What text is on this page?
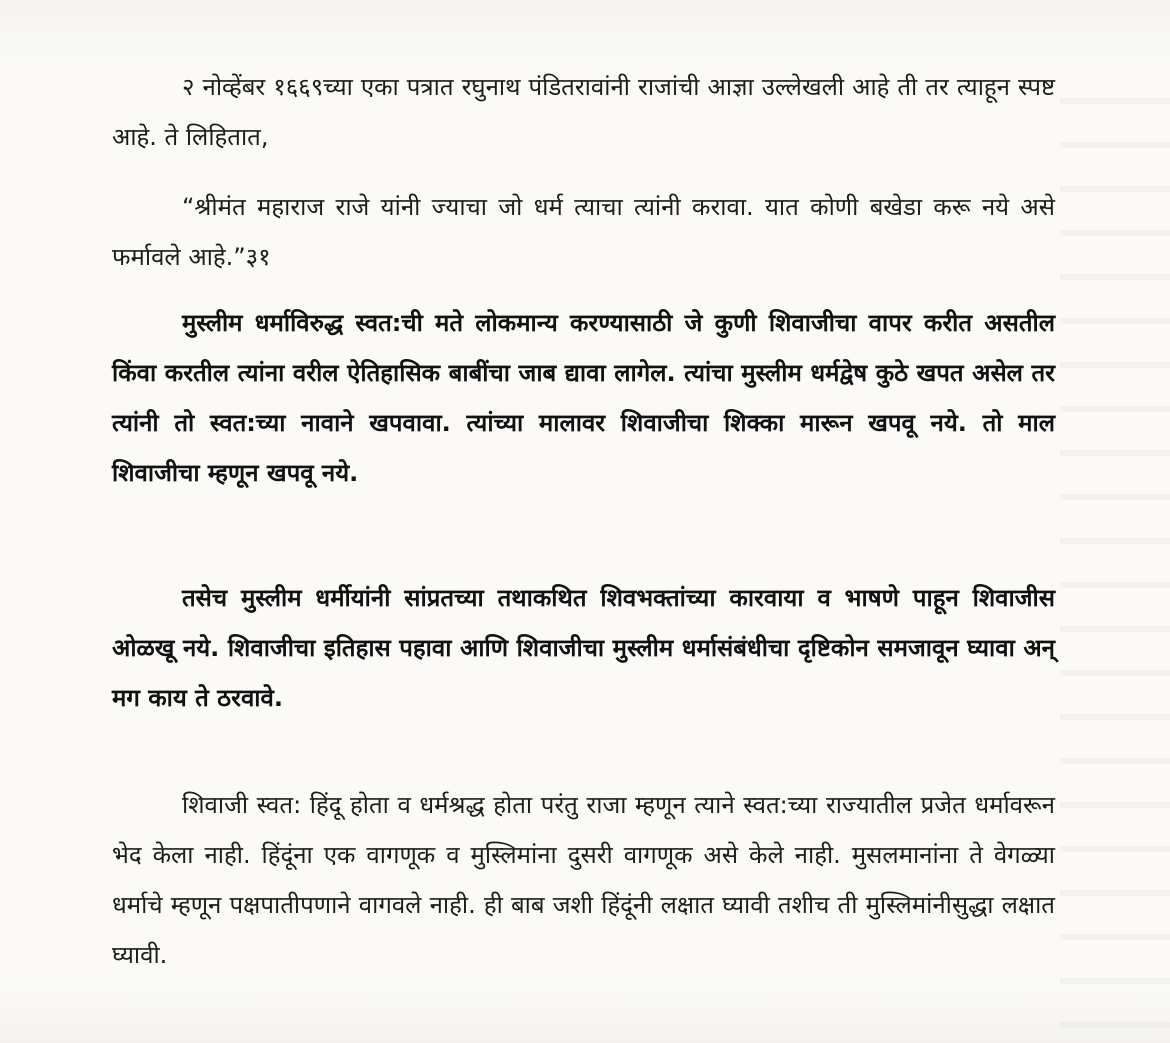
२ नोव्हेंबर १६६९च्या एका पत्रात रघुनाथ पंडितरावांनी राजांची आज्ञा उल्लेखली आहे ती तर त्याहून स्पष्ट आहे. ते लिहितात,

“श्रीमंत महाराज राजे यांनी ज्याचा जो धर्म त्याचा त्यांनी करावा. यात कोणी बखेडा करू नये असे फर्मावले आहे.”३१

मुस्लीम धर्माविरुद्ध स्वत:ची मते लोकमान्य करण्यासाठी जे कुणी शिवाजीचा वापर करीत असतील किंवा करतील त्यांना वरील ऐतिहासिक बाबींचा जाब द्यावा लागेल. त्यांचा मुस्लीम धर्मद्वेष कुठे खपत असेल तर त्यांनी तो स्वत:च्या नावाने खपवावा. त्यांच्या मालावर शिवाजीचा शिक्का मारून खपवू नये. तो माल शिवाजीचा म्हणून खपवू नये.

तसेच मुस्लीम धर्मीयांनी सांप्रतच्या तथाकथित शिवभक्तांच्या कारवाया व भाषणे पाहून शिवाजीस ओळखू नये. शिवाजीचा इतिहास पहावा आणि शिवाजीचा मुस्लीम धर्मासंबंधीचा दृष्टिकोन समजावून घ्यावा अन् मग काय ते ठरवावे.

शिवाजी स्वत: हिंदू होता व धर्मश्रद्ध होता परंतु राजा म्हणून त्याने स्वत:च्या राज्यातील प्रजेत धर्मावरून भेद केला नाही. हिंदूंना एक वागणूक व मुस्लिमांना दुसरी वागणूक असे केले नाही. मुसलमानांना ते वेगळ्या धर्माचे म्हणून पक्षपातीपणाने वागवले नाही. ही बाब जशी हिंदूंनी लक्षात घ्यावी तशीच ती मुस्लिमांनीसुद्धा लक्षात घ्यावी.
